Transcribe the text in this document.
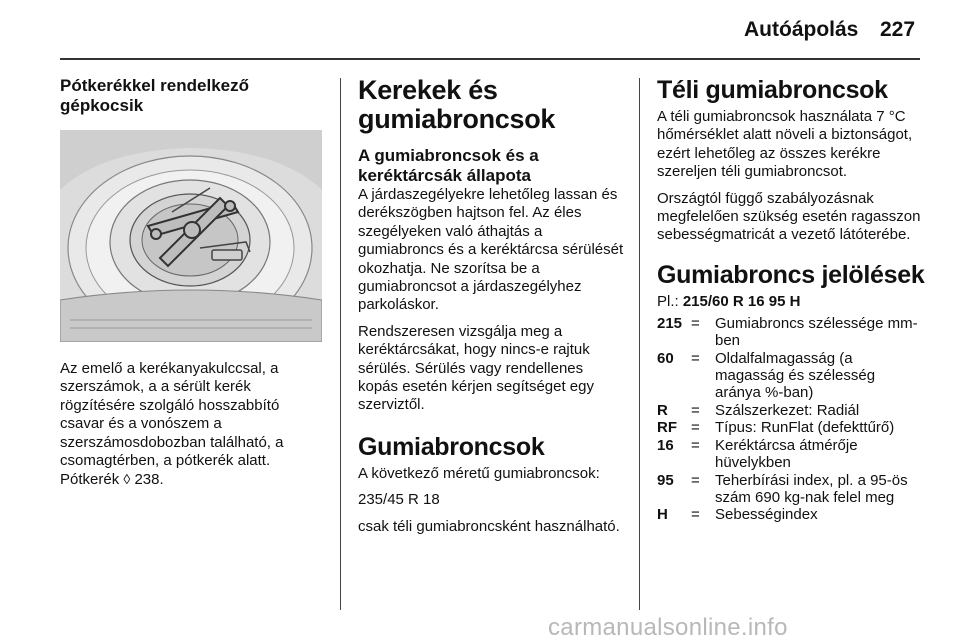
Autóápolás 227
Pótkerékkel rendelkező gépkocsik

Az emelő a kerékanyakulccsal, a szerszámok, a a sérült kerék rögzítésére szolgáló hosszabbító csavar és a vonószem a szerszámosdobozban található, a csomagtérben, a pótkerék alatt. Pótkerék ◊ 238.

Kerekek és gumiabroncsok
A gumiabroncsok és a keréktárcsák állapota

A járdaszegélyekre lehetőleg lassan és derékszögben hajtson fel. Az éles szegélyeken való áthajtás a gumiabroncs és a keréktárcsa sérülését okozhatja. Ne szorítsa be a gumiabroncsot a járdaszegélyhez parkoláskor.

Rendszeresen vizsgálja meg a keréktárcsákat, hogy nincs-e rajtuk sérülés. Sérülés vagy rendellenes kopás esetén kérjen segítséget egy szerviztől.

Gumiabroncsok

A következő méretű gumiabroncsok:

235/45 R 18

csak téli gumiabroncsként használható.

Téli gumiabroncsok

A téli gumiabroncsok használata 7 °C hőmérséklet alatt növeli a biztonságot, ezért lehetőleg az összes kerékre szereljen téli gumiabroncsot.

Országtól függő szabályozásnak megfelelően szükség esetén ragasszon sebességmatricát a vezető látóterébe.

Gumiabroncs jelölések
Pl.: 215/60 R 16 95 H
215	=	Gumiabroncs szélessége mm-ben
60	=	Oldalfalmagasság (a magasság és szélesség aránya %-ban)
R	=	Szálszerkezet: Radiál
RF	=	Típus: RunFlat (defekttűrő)
16	=	Keréktárcsa átmérője hüvelykben
95	=	Teherbírási index, pl. a 95-ös szám 690 kg-nak felel meg
H	=	Sebességindex
carmanualsonline.info
